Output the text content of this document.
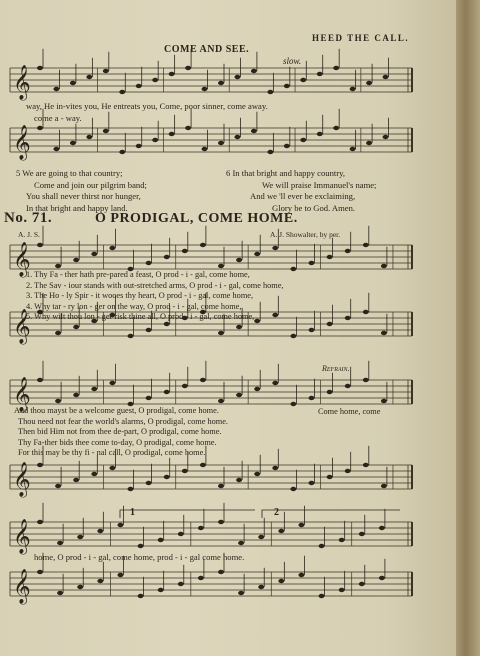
𝄞
𝄞
𝄞
𝄞
𝄞
𝄞
𝄞
𝄞
HEED THE CALL.
COME AND SEE.
slow.
way, He in-vites you, He entreats you, Come, poor sinner, come away.
come a - way.
5 We are going to that country;
Come and join our pilgrim band;
You shall never thirst nor hunger,
In that bright and happy land.
6 In that bright and happy country,
We will praise Immanuel's name;
And we 'll ever be exclaiming,
Glory be to God. Amen.
No. 71.	O PRODIGAL, COME HOME.
A. J. S.	A. J. Showalter, by per.
1. Thy Fa - ther hath pre-pared a feast, O prod - i - gal, come home,
2. The Sav - iour stands with out-stretched arms, O prod - i - gal, come home,
3. The Ho - ly Spir - it wooes thy heart, O prod - i - gal, come home,
4. Why tar - ry lon - ger on the way, O prod - i - gal, come home,
5. Why wilt thou lon - ger risk thine all, O prod - i - gal, come home,
Refrain.
And thou mayst be a welcome guest, O prodigal, come home.
Thou need not fear the world's alarms, O prodigal, come home.
Then bid Him not from thee de-part, O prodigal, come home.
Thy Fa-ther bids thee come to-day, O prodigal, come home.
For this may be thy fi - nal call, O prodigal, come home.
Come home, come
1	2
home, O prod - i - gal, come home, prod - i - gal come home.
